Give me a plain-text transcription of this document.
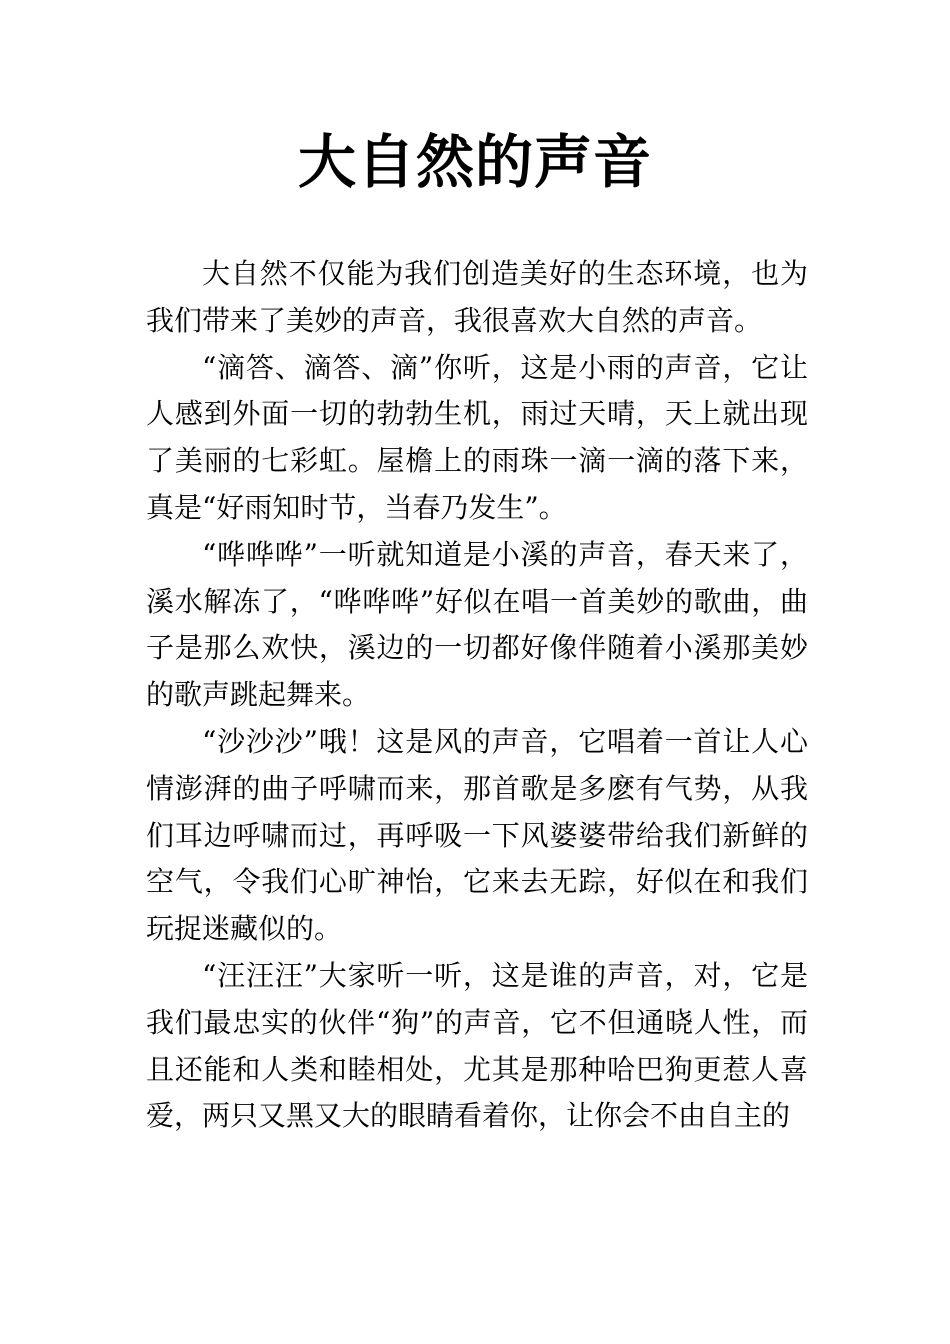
大自然的声音

大自然不仅能为我们创造美好的生态环境，也为我们带来了美妙的声音，我很喜欢大自然的声音。

“滴答、滴答、滴”你听，这是小雨的声音，它让人感到外面一切的勃勃生机，雨过天晴，天上就出现了美丽的七彩虹。屋檐上的雨珠一滴一滴的落下来，真是“好雨知时节，当春乃发生”。

“哗哗哗”一听就知道是小溪的声音，春天来了，溪水解冻了，“哗哗哗”好似在唱一首美妙的歌曲，曲子是那么欢快，溪边的一切都好像伴随着小溪那美妙的歌声跳起舞来。

“沙沙沙”哦！这是风的声音，它唱着一首让人心情澎湃的曲子呼啸而来，那首歌是多麽有气势，从我们耳边呼啸而过，再呼吸一下风婆婆带给我们新鲜的空气，令我们心旷神怡，它来去无踪，好似在和我们玩捉迷藏似的。

“汪汪汪”大家听一听，这是谁的声音，对，它是我们最忠实的伙伴“狗”的声音，它不但通晓人性，而且还能和人类和睦相处，尤其是那种哈巴狗更惹人喜爱，两只又黑又大的眼睛看着你，让你会不由自主的
